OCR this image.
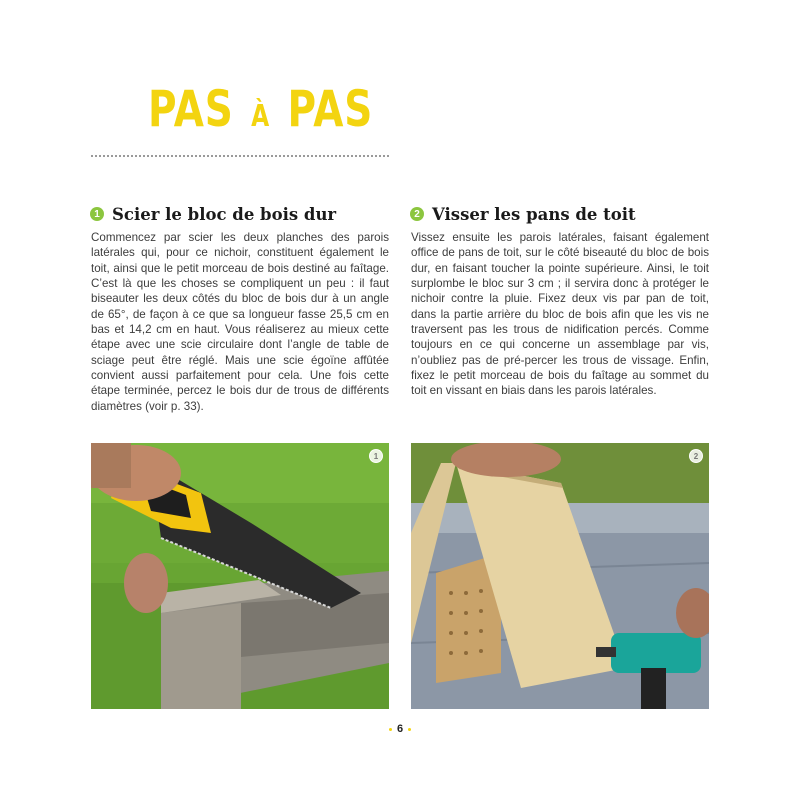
PAS À PAS
1 Scier le bloc de bois dur

Commencez par scier les deux planches des parois latérales qui, pour ce nichoir, constituent également le toit, ainsi que le petit morceau de bois destiné au faîtage. C’est là que les choses se compliquent un peu : il faut biseauter les deux côtés du bloc de bois dur à un angle de 65°, de façon à ce que sa longueur fasse 25,5 cm en bas et 14,2 cm en haut. Vous réaliserez au mieux cette étape avec une scie circulaire dont l’angle de table de sciage peut être réglé. Mais une scie égoïne affûtée convient aussi parfaitement pour cela. Une fois cette étape terminée, percez le bois dur de trous de différents diamètres (voir p. 33).

2 Visser les pans de toit

Vissez ensuite les parois latérales, faisant également office de pans de toit, sur le côté biseauté du bloc de bois dur, en faisant toucher la pointe supérieure. Ainsi, le toit surplombe le bloc sur 3 cm ; il servira donc à protéger le nichoir contre la pluie. Fixez deux vis par pan de toit, dans la partie arrière du bloc de bois afin que les vis ne traversent pas les trous de nidification percés. Comme toujours en ce qui concerne un assemblage par vis, n’oubliez pas de pré-percer les trous de vissage. Enfin, fixez le petit morceau de bois du faîtage au sommet du toit en vissant en biais dans les parois latérales.

1	2
6
